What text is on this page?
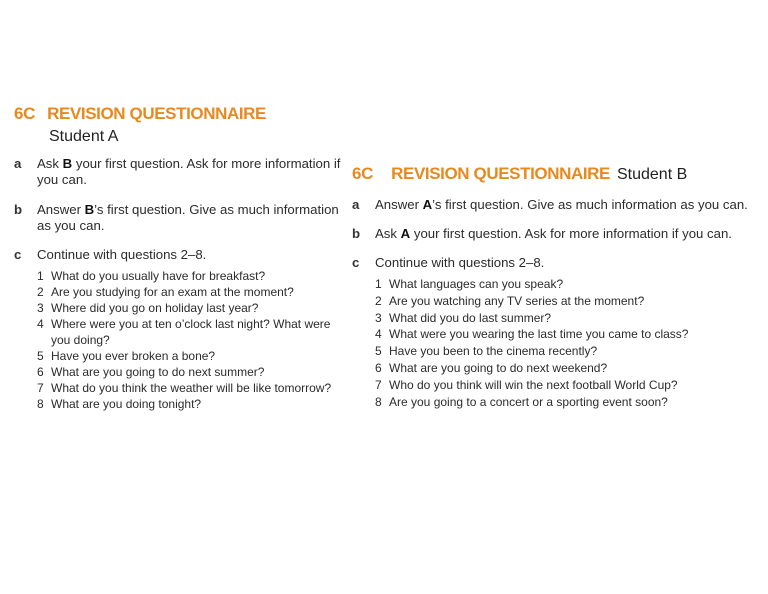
6C REVISION QUESTIONNAIRE
Student A
a	Ask B your first question. Ask for more information if you can.
b	Answer B’s first question. Give as much information as you can.
c	Continue with questions 2–8.
1 What do you usually have for breakfast?
2 Are you studying for an exam at the moment?
3 Where did you go on holiday last year?
4 Where were you at ten o’clock last night? What were you doing?
5 Have you ever broken a bone?
6 What are you going to do next summer?
7 What do you think the weather will be like tomorrow?
8 What are you doing tonight?
6C REVISION QUESTIONNAIRE Student B
a	Answer A’s first question. Give as much information as you can.
b	Ask A your first question. Ask for more information if you can.
c	Continue with questions 2–8.
1 What languages can you speak?
2 Are you watching any TV series at the moment?
3 What did you do last summer?
4 What were you wearing the last time you came to class?
5 Have you been to the cinema recently?
6 What are you going to do next weekend?
7 Who do you think will win the next football World Cup?
8 Are you going to a concert or a sporting event soon?
